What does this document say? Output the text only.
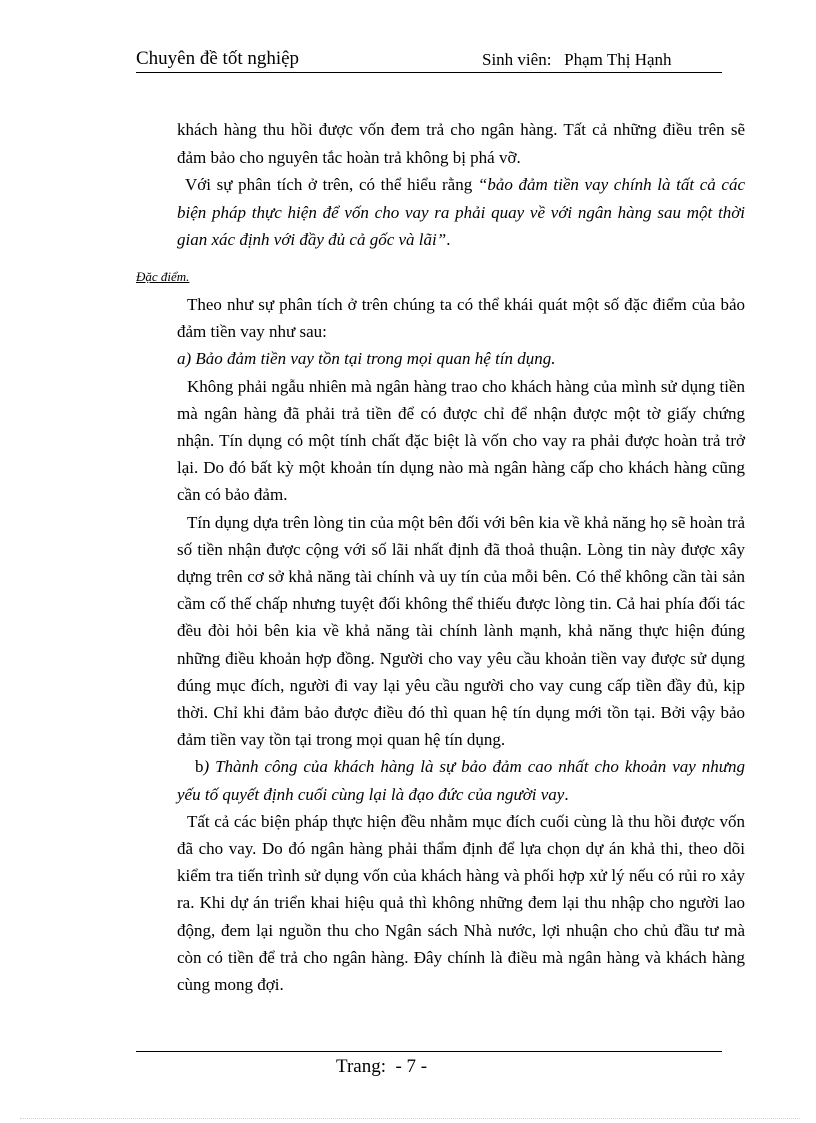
Chuyên đề tốt nghiệp	Sinh viên:   Phạm Thị Hạnh

khách hàng thu hồi được vốn đem trả cho ngân hàng. Tất cả những điều trên sẽ đảm bảo cho nguyên tắc hoàn trả không bị phá vỡ.

Với sự phân tích ở trên, có thể hiểu rằng “bảo đảm tiền vay chính là tất cả các biện pháp thực hiện để vốn cho vay ra phải quay về với ngân hàng sau một thời gian xác định với đầy đủ cả gốc và lãi”.

Đặc điểm.

Theo như sự phân tích ở trên chúng ta có thể khái quát một số đặc điểm của bảo đảm tiền vay như sau:

a) Bảo đảm tiền vay tồn tại trong mọi quan hệ tín dụng.

Không phải ngẫu nhiên mà ngân hàng trao cho khách hàng của mình sử dụng tiền mà ngân hàng đã phải trả tiền để có được chỉ để nhận được một tờ giấy chứng nhận. Tín dụng có một tính chất đặc biệt là vốn cho vay ra phải được hoàn trả trở lại. Do đó bất kỳ một khoản tín dụng nào mà ngân hàng cấp cho khách hàng cũng cần có bảo đảm.

Tín dụng dựa trên lòng tin của một bên đối với bên kia về khả năng họ sẽ hoàn trả số tiền nhận được cộng với số lãi nhất định đã thoả thuận. Lòng tin này được xây dựng trên cơ sở khả năng tài chính và uy tín của mỗi bên. Có thể không cần tài sản cầm cố thế chấp nhưng tuyệt đối không thể thiếu được lòng tin. Cả hai phía đối tác đều đòi hỏi bên kia về khả năng tài chính lành mạnh, khả năng thực hiện đúng những điều khoản hợp đồng. Người cho vay yêu cầu khoản tiền vay được sử dụng đúng mục đích, người đi vay lại yêu cầu người cho vay cung cấp tiền đầy đủ, kịp thời. Chỉ khi đảm bảo được điều đó thì quan hệ tín dụng mới tồn tại. Bởi vậy bảo đảm tiền vay tồn tại trong mọi quan hệ tín dụng.

b) Thành công của khách hàng là sự bảo đảm cao nhất cho khoản vay nhưng yếu tố quyết định cuối cùng lại là đạo đức của người vay.

Tất cả các biện pháp thực hiện đều nhằm mục đích cuối cùng là thu hồi được vốn đã cho vay. Do đó ngân hàng phải thẩm định để lựa chọn dự án khả thi, theo dõi kiểm tra tiến trình sử dụng vốn của khách hàng và phối hợp xử lý nếu có rủi ro xảy ra. Khi dự án triển khai hiệu quả thì không những đem lại thu nhập cho người lao động, đem lại nguồn thu cho Ngân sách Nhà nước, lợi nhuận cho chủ đầu tư mà còn có tiền để trả cho ngân hàng. Đây chính là điều mà ngân hàng và khách hàng cùng mong đợi.

Trang:  - 7 -
